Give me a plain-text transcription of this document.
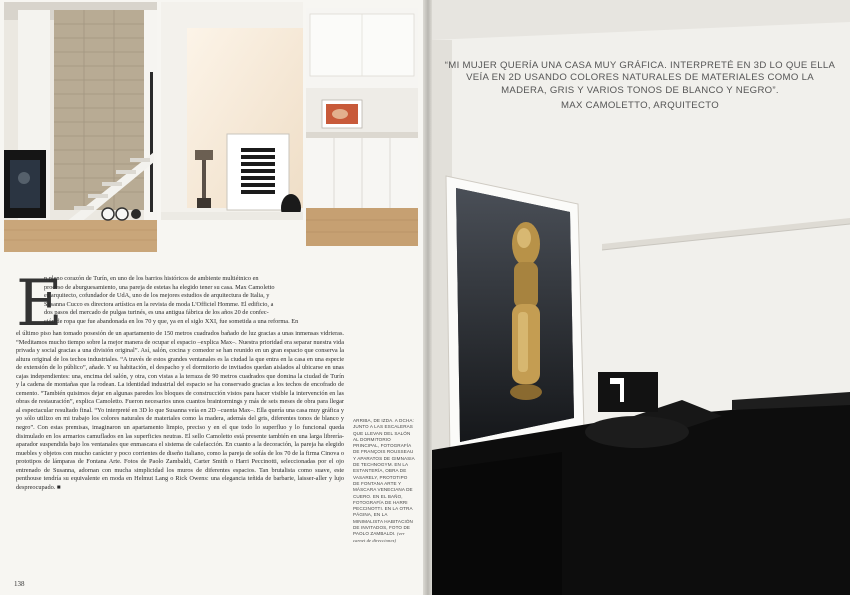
E
n pleno corazón de Turín, en uno de los barrios históricos de ambiente multiétnico en
proceso de aburguesamiento, una pareja de estetas ha elegido tener su casa. Max Camoletto
es arquitecto, cofundador de UdA, uno de los mejores estudios de arquitectura de Italia, y
Susanna Cucco es directora artística en la revista de moda L'Officiel Homme. El edificio, a
dos pasos del mercado de pulgas turinés, es una antigua fábrica de los años 20 de confec-
ción de ropa que fue abandonada en los 70 y que, ya en el siglo XXI, fue sometida a una reforma. En
el último piso han tomado posesión de un apartamento de 150 metros cuadrados bañado de luz gracias a unas inmensas vidrieras. “Meditamos mucho tiempo sobre la mejor manera de ocupar el espacio –explica Max–. Nuestra prioridad era separar nuestra vida privada y social gracias a una división original”. Así, salón, cocina y comedor se han reunido en un gran espacio que conserva la altura original de los techos industriales. “A través de estos grandes ventanales es la ciudad la que entra en la casa en una especie de extensión de lo público”, añade. Y su habitación, el despacho y el dormitorio de invitados quedan aislados al ubicarse en unas cajas independientes: una, encima del salón, y otra, con vistas a la terraza de 90 metros cuadrados que domina la ciudad de Turín y la cadena de montañas que la rodean. La identidad industrial del espacio se ha conservado gracias a los techos de encofrado de cemento. “También quisimos dejar en algunas paredes los bloques de construcción vistos para hacer visible la intervención en las obras de restauración”, explica Camoletto. Fueron necesarios unos cuantos braintormings y más de seis meses de obra para llegar al espectacular resultado final. “Yo interpreté en 3D lo que Susanna veía en 2D –cuenta Max–. Ella quería una casa muy gráfica y yo sólo utilizo en mi trabajo los colores naturales de materiales como la madera, además del gris, diferentes tonos de blanco y negro”. Con estas premisas, imaginaron un apartamento limpio, preciso y en el que todo lo superfluo y lo funcional queda disimulado en los armarios camuflados en las superficies neutras. El sello Camoletto está presente también en una larga librería-aparador suspendida bajo los ventanales que enmascara el sistema de calefacción. En cuanto a la decoración, la pareja ha elegido muebles y objetos con mucho carácter y poco corrientes de diseño italiano, como la pareja de sofás de los 70 de la firma Cinova o prototipos de lámparas de Fontana Arte. Fotos de Paolo Zambaldi, Carter Smith o Harri Peccinotti, seleccionadas por el ojo entrenado de Susanna, adornan con mucha simplicidad los muros de diferentes espacios. Tan brutalista como suave, este penthouse tendría su equivalente en moda en Helmut Lang o Rick Owens: una elegancia teñida de barbarie, laisser-aller y lujo despreocupado. ■
ARRIBA, DE IZDA. A DCHA: JUNTO A LAS ESCALERAS QUE LLEVAN DEL SALÓN AL DORMITORIO PRINCIPAL, FOTOGRAFÍA DE FRANÇOIS ROUSSEAU Y APARATOS DE GIMNASIA DE TECHNOGYM. EN LA ESTANTERÍA, OBRA DE VASARELY, PROTOTIPO DE FONTANA ARTE Y MÁSCARA VENECIANA DE CUERO. EN EL BAÑO, FOTOGRAFÍA DE HARRI PECCINOTTI. EN LA OTRA PÁGINA, EN LA MINIMALISTA HABITACIÓN DE INVITADOS, FOTO DE PAOLO ZAMBALDI. (ver carnet de direcciones)
138
“MI MUJER QUERÍA UNA CASA MUY GRÁFICA. INTERPRETÉ EN 3D LO QUE ELLA VEÍA EN 2D USANDO COLORES NATURALES DE MATERIALES COMO LA MADERA, GRIS Y VARIOS TONOS DE BLANCO Y NEGRO”.
MAX CAMOLETTO, ARQUITECTO
